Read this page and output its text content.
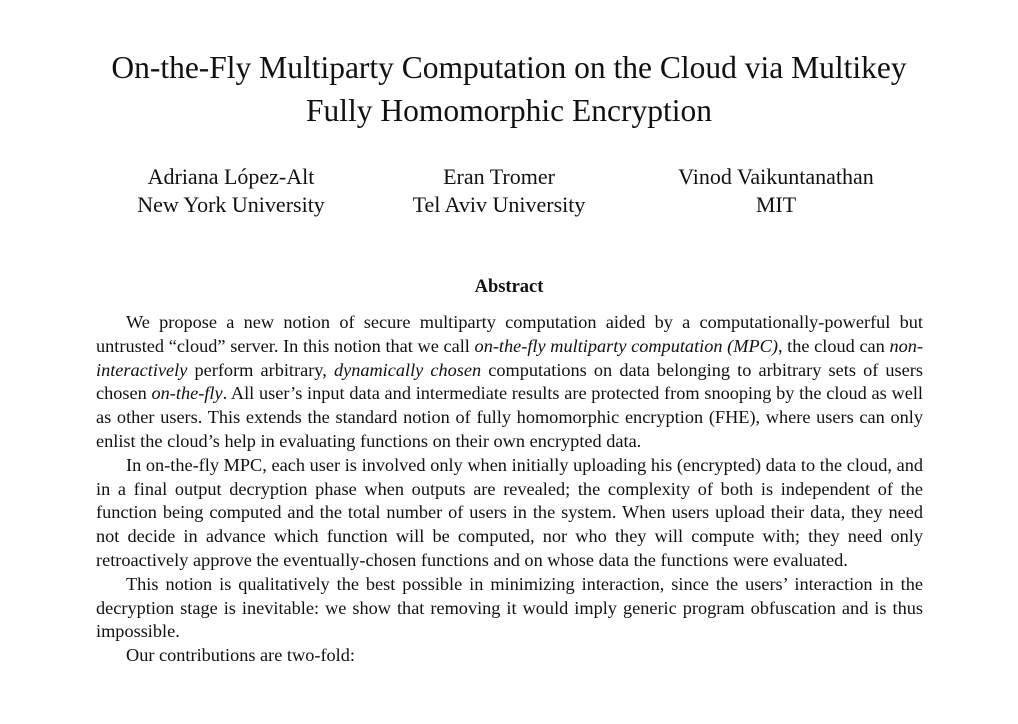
On-the-Fly Multiparty Computation on the Cloud via Multikey
Fully Homomorphic Encryption
Adriana López-Alt
New York University
Eran Tromer
Tel Aviv University
Vinod Vaikuntanathan
MIT
Abstract

We propose a new notion of secure multiparty computation aided by a computationally-powerful but untrusted “cloud” server. In this notion that we call on-the-fly multiparty computation (MPC), the cloud can non-interactively perform arbitrary, dynamically chosen computations on data belonging to arbitrary sets of users chosen on-the-fly. All user’s input data and intermediate results are protected from snooping by the cloud as well as other users. This extends the standard notion of fully homomorphic encryption (FHE), where users can only enlist the cloud’s help in evaluating functions on their own encrypted data.

In on-the-fly MPC, each user is involved only when initially uploading his (encrypted) data to the cloud, and in a final output decryption phase when outputs are revealed; the complexity of both is independent of the function being computed and the total number of users in the system. When users upload their data, they need not decide in advance which function will be computed, nor who they will compute with; they need only retroactively approve the eventually-chosen functions and on whose data the functions were evaluated.

This notion is qualitatively the best possible in minimizing interaction, since the users’ interaction in the decryption stage is inevitable: we show that removing it would imply generic program obfuscation and is thus impossible.

Our contributions are two-fold:
